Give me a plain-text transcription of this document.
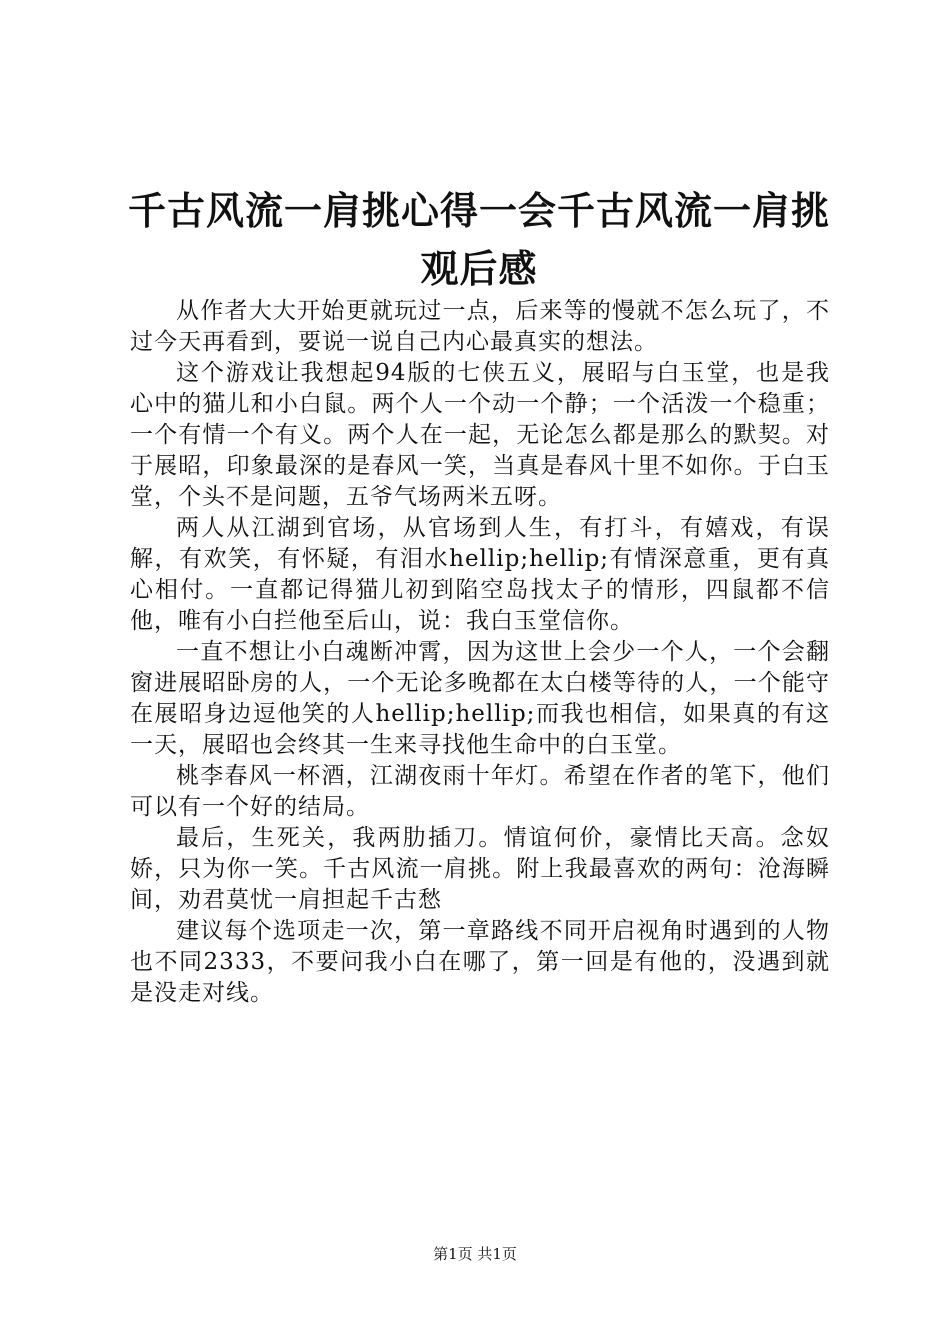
千古风流一肩挑心得一会千古风流一肩挑观后感

从作者大大开始更就玩过一点，后来等的慢就不怎么玩了，不过今天再看到，要说一说自己内心最真实的想法。

这个游戏让我想起94版的七侠五义，展昭与白玉堂，也是我心中的猫儿和小白鼠。两个人一个动一个静；一个活泼一个稳重；一个有情一个有义。两个人在一起，无论怎么都是那么的默契。对于展昭，印象最深的是春风一笑，当真是春风十里不如你。于白玉堂，个头不是问题，五爷气场两米五呀。

两人从江湖到官场，从官场到人生，有打斗，有嬉戏，有误解，有欢笑，有怀疑，有泪水hellip;hellip;有情深意重，更有真心相付。一直都记得猫儿初到陷空岛找太子的情形，四鼠都不信他，唯有小白拦他至后山，说：我白玉堂信你。

一直不想让小白魂断冲霄，因为这世上会少一个人，一个会翻窗进展昭卧房的人，一个无论多晚都在太白楼等待的人，一个能守在展昭身边逗他笑的人hellip;hellip;而我也相信，如果真的有这一天，展昭也会终其一生来寻找他生命中的白玉堂。

桃李春风一杯酒，江湖夜雨十年灯。希望在作者的笔下，他们可以有一个好的结局。

最后，生死关，我两肋插刀。情谊何价，豪情比天高。念奴娇，只为你一笑。千古风流一肩挑。附上我最喜欢的两句：沧海瞬间，劝君莫忧一肩担起千古愁

建议每个选项走一次，第一章路线不同开启视角时遇到的人物也不同2333，不要问我小白在哪了，第一回是有他的，没遇到就是没走对线。

第1页 共1页
